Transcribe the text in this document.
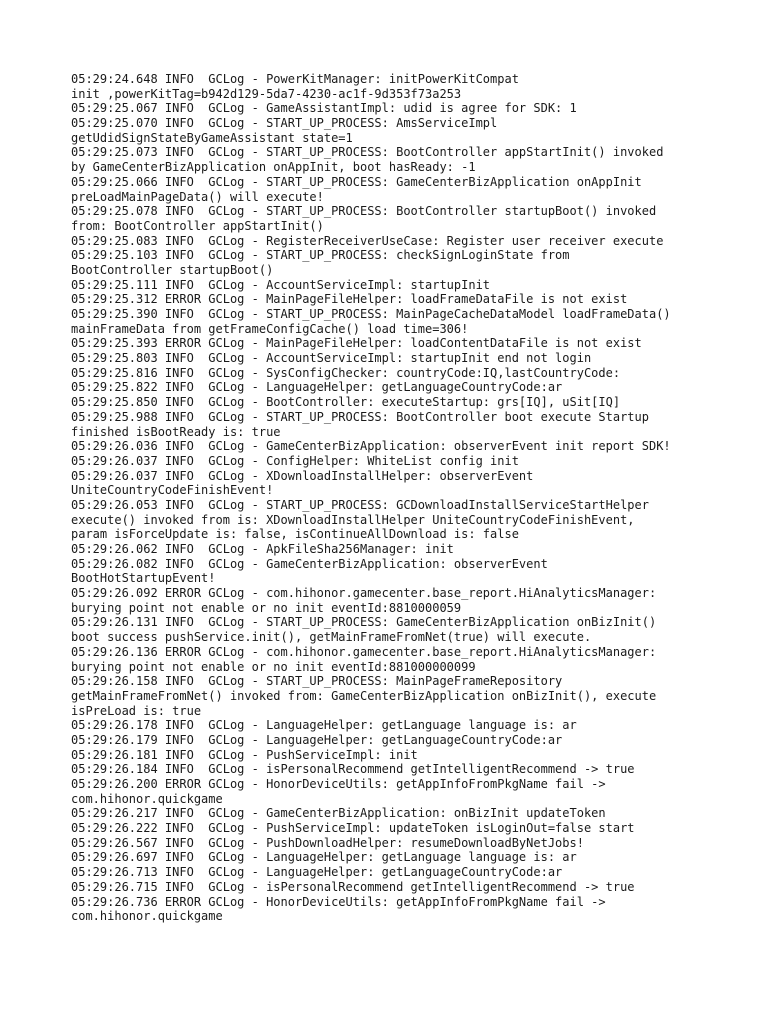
05:29:24.648 INFO  GCLog - PowerKitManager: initPowerKitCompat
init ,powerKitTag=b942d129-5da7-4230-ac1f-9d353f73a253
05:29:25.067 INFO  GCLog - GameAssistantImpl: udid is agree for SDK: 1
05:29:25.070 INFO  GCLog - START_UP_PROCESS: AmsServiceImpl
getUdidSignStateByGameAssistant state=1
05:29:25.073 INFO  GCLog - START_UP_PROCESS: BootController appStartInit() invoked
by GameCenterBizApplication onAppInit, boot hasReady: -1
05:29:25.066 INFO  GCLog - START_UP_PROCESS: GameCenterBizApplication onAppInit
preLoadMainPageData() will execute!
05:29:25.078 INFO  GCLog - START_UP_PROCESS: BootController startupBoot() invoked
from: BootController appStartInit()
05:29:25.083 INFO  GCLog - RegisterReceiverUseCase: Register user receiver execute
05:29:25.103 INFO  GCLog - START_UP_PROCESS: checkSignLoginState from
BootController startupBoot()
05:29:25.111 INFO  GCLog - AccountServiceImpl: startupInit
05:29:25.312 ERROR GCLog - MainPageFileHelper: loadFrameDataFile is not exist
05:29:25.390 INFO  GCLog - START_UP_PROCESS: MainPageCacheDataModel loadFrameData()
mainFrameData from getFrameConfigCache() load time=306!
05:29:25.393 ERROR GCLog - MainPageFileHelper: loadContentDataFile is not exist
05:29:25.803 INFO  GCLog - AccountServiceImpl: startupInit end not login
05:29:25.816 INFO  GCLog - SysConfigChecker: countryCode:IQ,lastCountryCode:
05:29:25.822 INFO  GCLog - LanguageHelper: getLanguageCountryCode:ar
05:29:25.850 INFO  GCLog - BootController: executeStartup: grs[IQ], uSit[IQ]
05:29:25.988 INFO  GCLog - START_UP_PROCESS: BootController boot execute Startup
finished isBootReady is: true
05:29:26.036 INFO  GCLog - GameCenterBizApplication: observerEvent init report SDK!
05:29:26.037 INFO  GCLog - ConfigHelper: WhiteList config init
05:29:26.037 INFO  GCLog - XDownloadInstallHelper: observerEvent
UniteCountryCodeFinishEvent!
05:29:26.053 INFO  GCLog - START_UP_PROCESS: GCDownloadInstallServiceStartHelper
execute() invoked from is: XDownloadInstallHelper UniteCountryCodeFinishEvent,
param isForceUpdate is: false, isContinueAllDownload is: false
05:29:26.062 INFO  GCLog - ApkFileSha256Manager: init
05:29:26.082 INFO  GCLog - GameCenterBizApplication: observerEvent
BootHotStartupEvent!
05:29:26.092 ERROR GCLog - com.hihonor.gamecenter.base_report.HiAnalyticsManager:
burying point not enable or no init eventId:8810000059
05:29:26.131 INFO  GCLog - START_UP_PROCESS: GameCenterBizApplication onBizInit()
boot success pushService.init(), getMainFrameFromNet(true) will execute.
05:29:26.136 ERROR GCLog - com.hihonor.gamecenter.base_report.HiAnalyticsManager:
burying point not enable or no init eventId:881000000099
05:29:26.158 INFO  GCLog - START_UP_PROCESS: MainPageFrameRepository
getMainFrameFromNet() invoked from: GameCenterBizApplication onBizInit(), execute
isPreLoad is: true
05:29:26.178 INFO  GCLog - LanguageHelper: getLanguage language is: ar
05:29:26.179 INFO  GCLog - LanguageHelper: getLanguageCountryCode:ar
05:29:26.181 INFO  GCLog - PushServiceImpl: init
05:29:26.184 INFO  GCLog - isPersonalRecommend getIntelligentRecommend -> true
05:29:26.200 ERROR GCLog - HonorDeviceUtils: getAppInfoFromPkgName fail ->
com.hihonor.quickgame
05:29:26.217 INFO  GCLog - GameCenterBizApplication: onBizInit updateToken
05:29:26.222 INFO  GCLog - PushServiceImpl: updateToken isLoginOut=false start
05:29:26.567 INFO  GCLog - PushDownloadHelper: resumeDownloadByNetJobs!
05:29:26.697 INFO  GCLog - LanguageHelper: getLanguage language is: ar
05:29:26.713 INFO  GCLog - LanguageHelper: getLanguageCountryCode:ar
05:29:26.715 INFO  GCLog - isPersonalRecommend getIntelligentRecommend -> true
05:29:26.736 ERROR GCLog - HonorDeviceUtils: getAppInfoFromPkgName fail ->
com.hihonor.quickgame
